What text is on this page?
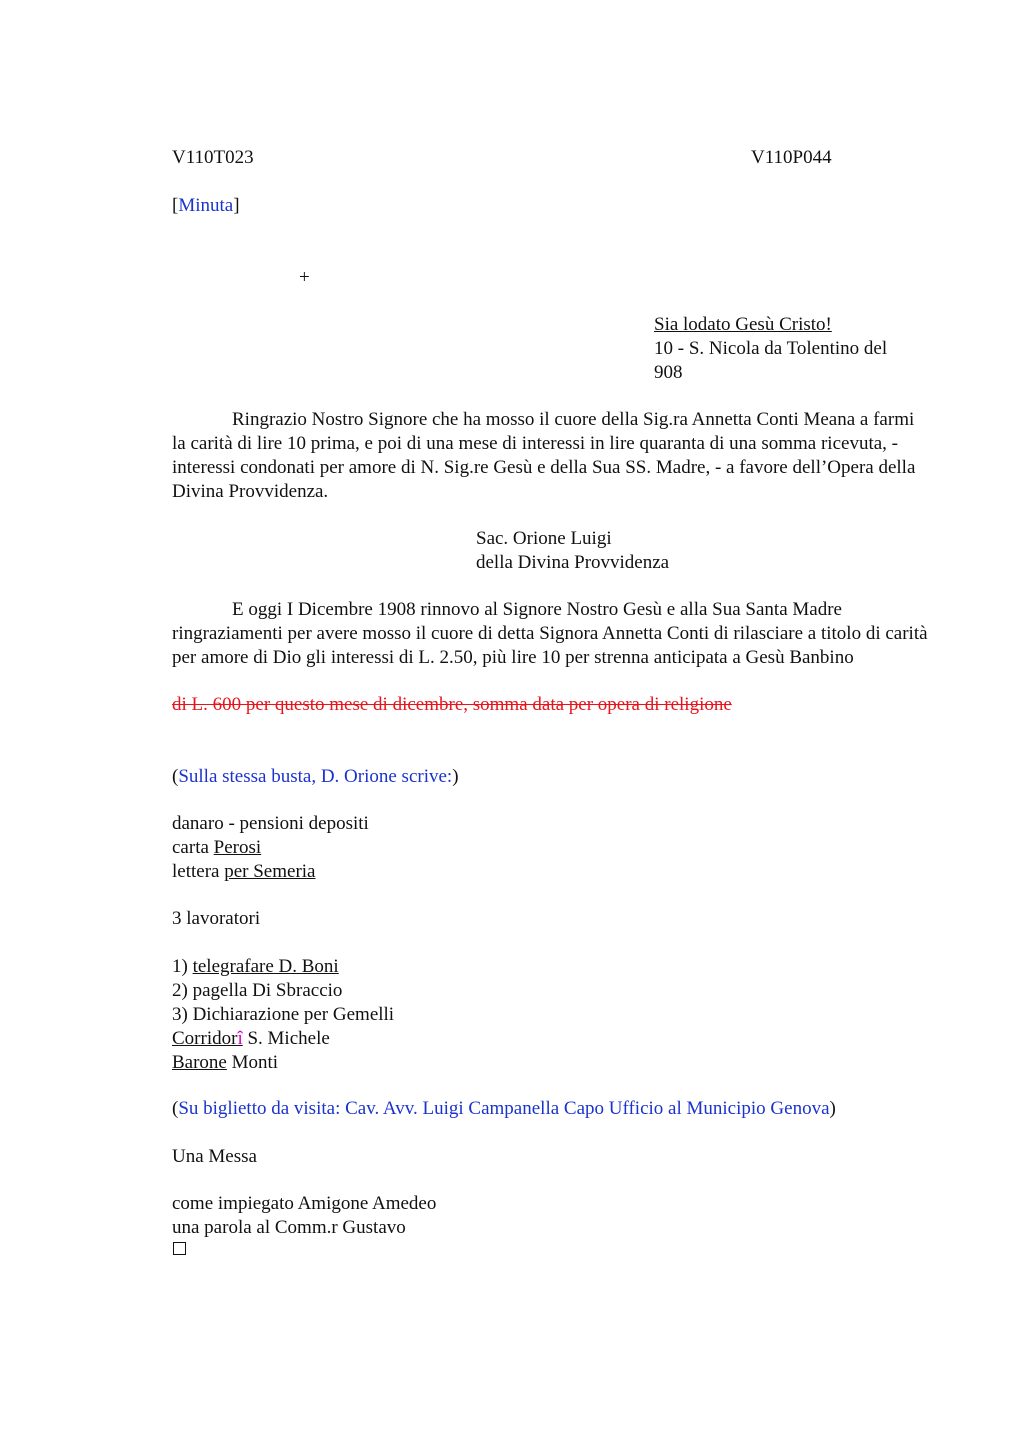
V110T023	V110P044
[Minuta]
+
Sia lodato Gesù Cristo!
10 - S. Nicola da Tolentino del
908
Ringrazio Nostro Signore che ha mosso il cuore della Sig.ra Annetta Conti Meana a farmi la carità di lire 10 prima, e poi di una mese di interessi in lire quaranta di una somma ricevuta, - interessi condonati per amore di N. Sig.re Gesù e della Sua SS. Madre, - a favore dell’Opera della Divina Provvidenza.
Sac. Orione Luigi
della Divina Provvidenza
E oggi I Dicembre 1908 rinnovo al Signore Nostro Gesù e alla Sua Santa Madre ringraziamenti per avere mosso il cuore di detta Signora Annetta Conti di rilasciare a titolo di carità per amore di Dio gli interessi di L. 2.50, più lire 10 per strenna anticipata a Gesù Banbino
di L. 600 per questo mese di dicembre, somma data per opera di religione
(Sulla stessa busta, D. Orione scrive:)
danaro - pensioni depositi
carta Perosi
lettera per Semeria
3 lavoratori
1) telegrafare D. Boni
2) pagella Di Sbraccio
3) Dichiarazione per Gemelli
Corridorî S. Michele
Barone Monti
(Su biglietto da visita: Cav. Avv. Luigi Campanella Capo Ufficio al Municipio Genova)
Una Messa
come impiegato Amigone Amedeo
una parola al Comm.r Gustavo
